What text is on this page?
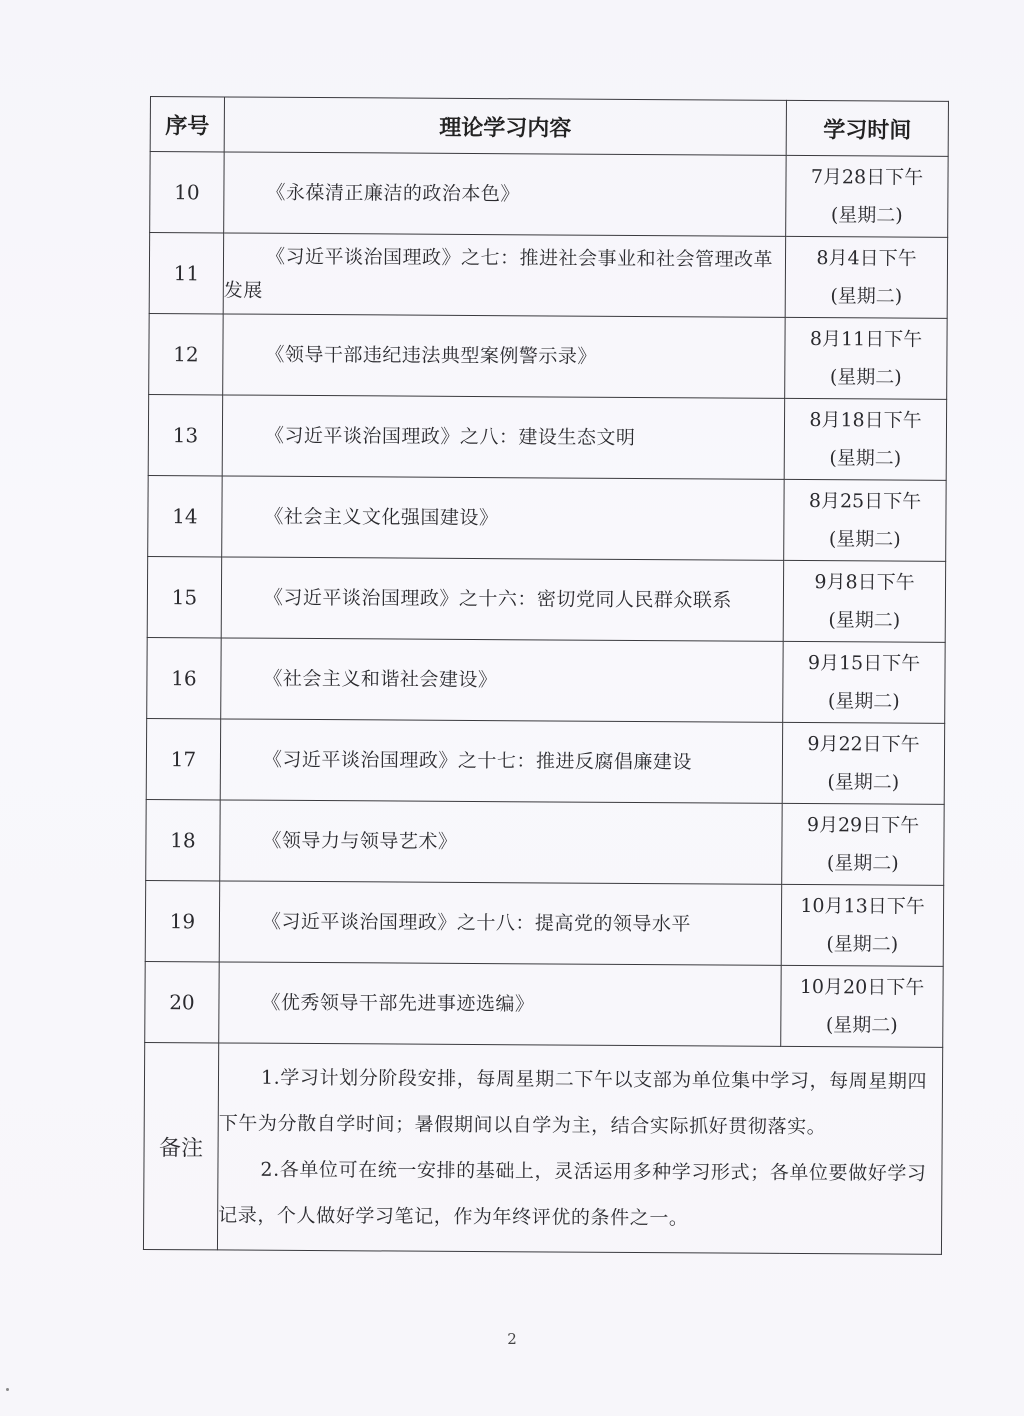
序号	理论学习内容	学习时间
10	《永葆清正廉洁的政治本色》	7月28日下午
(星期二)

11	《习近平谈治国理政》之七：推进社会事业和社会管理改革发展	8月4日下午
(星期二)

12	《领导干部违纪违法典型案例警示录》	8月11日下午
(星期二)

13	《习近平谈治国理政》之八：建设生态文明	8月18日下午
(星期二)

14	《社会主义文化强国建设》	8月25日下午
(星期二)

15	《习近平谈治国理政》之十六：密切党同人民群众联系	9月8日下午
(星期二)

16	《社会主义和谐社会建设》	9月15日下午
(星期二)

17	《习近平谈治国理政》之十七：推进反腐倡廉建设	9月22日下午
(星期二)

18	《领导力与领导艺术》	9月29日下午
(星期二)

19	《习近平谈治国理政》之十八：提高党的领导水平	10月13日下午
(星期二)

20	《优秀领导干部先进事迹选编》	10月20日下午
(星期二)

备注	1.学习计划分阶段安排，每周星期二下午以支部为单位集中学习，每周星期四下午为分散自学时间；暑假期间以自学为主，结合实际抓好贯彻落实。

2.各单位可在统一安排的基础上，灵活运用多种学习形式；各单位要做好学习记录，个人做好学习笔记，作为年终评优的条件之一。	

2
